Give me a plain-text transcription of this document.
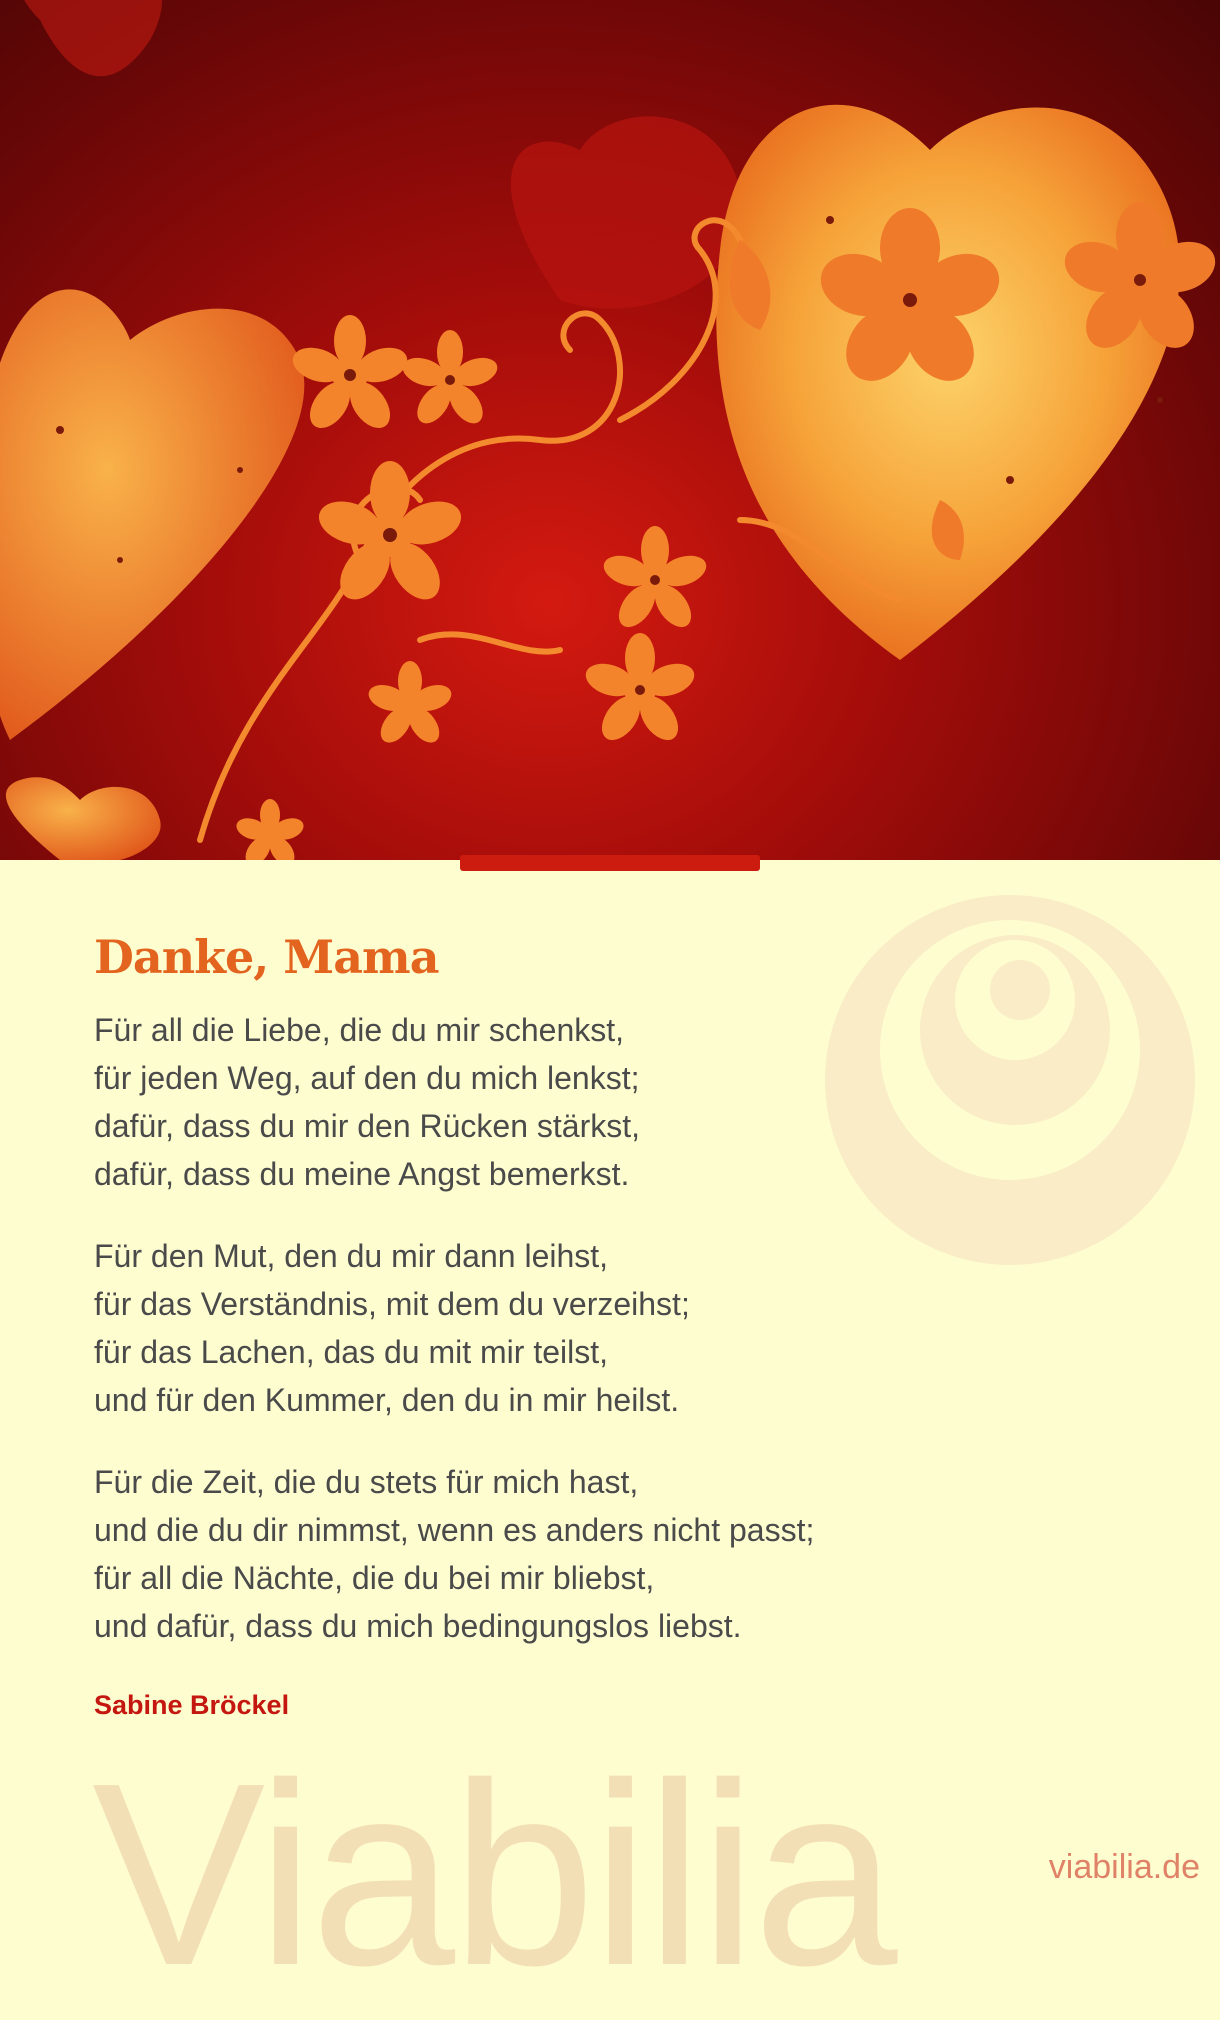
Viabilia
Danke, Mama
Für all die Liebe, die du mir schenkst,
für jeden Weg, auf den du mich lenkst;
dafür, dass du mir den Rücken stärkst,
dafür, dass du meine Angst bemerkst.
Für den Mut, den du mir dann leihst,
für das Verständnis, mit dem du verzeihst;
für das Lachen, das du mit mir teilst,
und für den Kummer, den du in mir heilst.
Für die Zeit, die du stets für mich hast,
und die du dir nimmst, wenn es anders nicht passt;
für all die Nächte, die du bei mir bliebst,
und dafür, dass du mich bedingungslos liebst.
Sabine Bröckel
viabilia.de
